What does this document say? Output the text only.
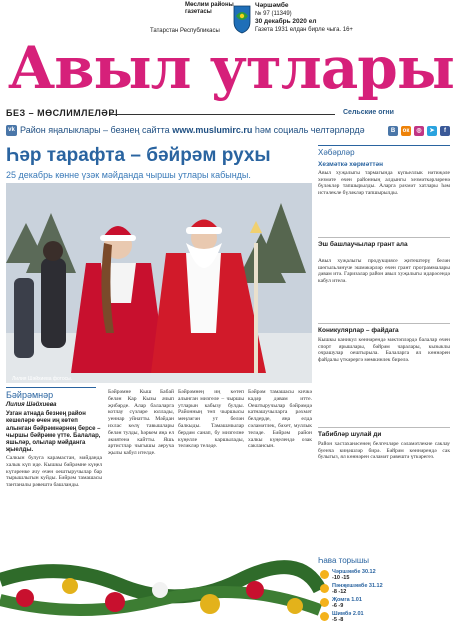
Мөслим районы газетасы
Татарстан Республикасы
Чәршәмбе
№ 97 (11349)
30 декабрь 2020 ел
Газета 1931 елдан бирле чыга. 16+
Авыл утлары
БЕЗ – МӨСЛИМЛЕЛӘР!	Сельские огни
vk Район яңалыклары – безнең сайтта www.muslumirc.ru һәм социаль челтәрләрдә	В	ок	◎	➤	f
Һәр тарафта – бәйрәм рухы
25 декабрь көнне үзәк мәйданда чыршы утлары кабынды.
Лилия Шәйхиева фотосы.
Бәйрәмнәр
Лилия Шәйхиева
Узган атнада безнең район кешеләре өчен иң көтеп алынган бәйрәмнәрнең берсе – чыршы бәйрәме үтте. Балалар, яшьләр, олылар мәйданга җыелды.
Салкын булуга карамастан, мәйданда халык күп иде. Кышкы бәйрәмне күңел күтәренке ачу өчен оештыручылар бар тырышлыгын куйды. Бәйрәм тамашасы тантаналы рәвештә башланды.
Бәйрәмне Кыш Бабай белән Кар Кызы ачып җибәрде. Алар балаларга котлау сүзләре юллады, уеннар уйнатты. Мәйдан ихлас көлү тавышлары белән тулды, һәркем яңа ел әкиятенә кайтты. Яшь артистлар чыгышы аеруча җылы кабул ителде.
Бәйрәмнең иң көтеп алынган мизгеле – чыршы утларын кабызу булды. Районның төп чыршысы меңләгән ут белән балкыды. Тамашачылар бердәм санап, бу мизгелне күңелле каршылады, теләкләр теләде.
Бәйрәм тамашасы кичкә кадәр дәвам итте. Оештыручылар бәйрәмдә катнашучыларга рәхмәт белдерде, яңа елда сәламәтлек, бәхет, муллык теләде. Бәйрәм район халкы күңелендә озак саклансын.
Хәбәрләр
Хезмәткә хөрмәттән
Авыл хуҗалыгы тармагында күпьеллык нәтиҗәле хезмәте өчен районның алдынгы хезмәткәрләренә бүләкләр тапшырылды. Аларга рәхмәт хатлары һәм истәлекле бүләкләр тапшырылды.
Эш башлаучылар грант ала
Авыл хуҗалыгы продукциясе җитештерү белән шөгыльләнүче эшмәкәрләр өчен грант программалары дәвам итә. Гаризалар район авыл хуҗалыгы идарәсендә кабул ителә.
Коникулярлар – файдага
Кышкы каникул көннәрендә мәктәпләрдә балалар өчен спорт ярышлары, бәйрәм чаралары, кызыклы очрашулар оештырыла. Балаларга ял көннәрен файдалы үткәрергә мөмкинлек бирелә.
Табибләр шулай ди
Район хастаханәсенең белгечләре сәламәтлекне саклау буенча киңәшләр бирә. Бәйрәм көннәрендә сак булыгыз, ял көннәрен сәламәт рәвештә үткәрегез.
Һава торышы
Чәршәмбе 30.12
-10 -15
Пәнҗешәмбе 31.12
-8 -12
Җомга 1.01
-6 -9
Шимбә 2.01
-5 -8
